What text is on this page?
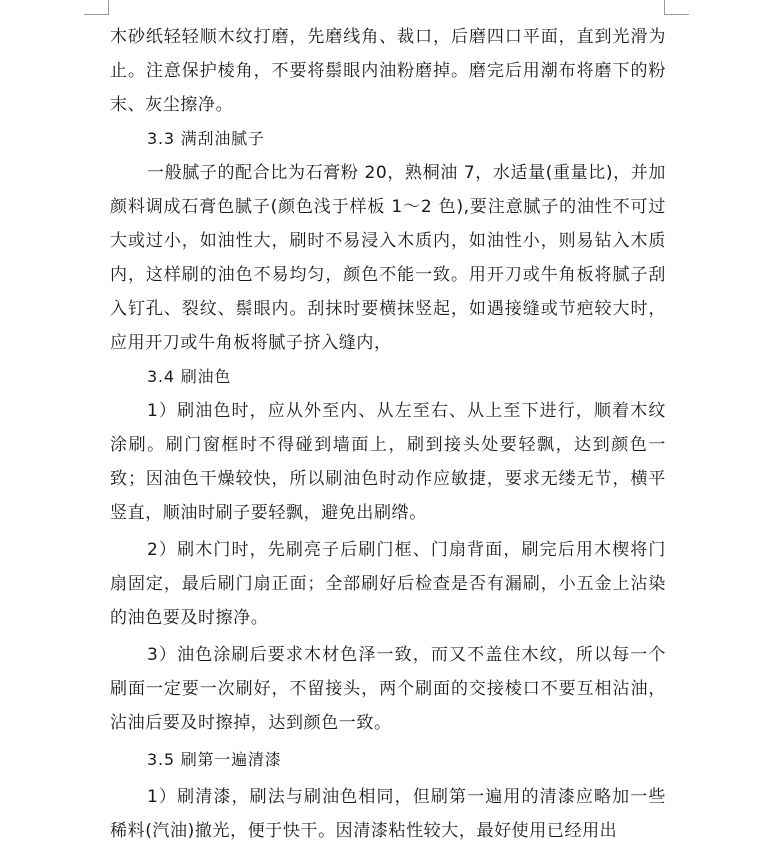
木砂纸轻轻顺木纹打磨，先磨线角、裁口，后磨四口平面，直到光滑为止。注意保护棱角，不要将鬃眼内油粉磨掉。磨完后用潮布将磨下的粉末、灰尘擦净。

3.3 满刮油腻子

一般腻子的配合比为石膏粉 20，熟桐油 7，水适量(重量比)，并加颜料调成石膏色腻子(颜色浅于样板 1～2 色),要注意腻子的油性不可过大或过小，如油性大，刷时不易浸入木质内，如油性小，则易钻入木质内，这样刷的油色不易均匀，颜色不能一致。用开刀或牛角板将腻子刮入钉孔、裂纹、鬃眼内。刮抹时要横抹竖起，如遇接缝或节疤较大时，应用开刀或牛角板将腻子挤入缝内，

3.4 刷油色

1）刷油色时，应从外至内、从左至右、从上至下进行，顺着木纹涂刷。刷门窗框时不得碰到墙面上，刷到接头处要轻飘，达到颜色一致；因油色干燥较快，所以刷油色时动作应敏捷，要求无缕无节，横平竖直，顺油时刷子要轻飘，避免出刷绺。

2）刷木门时，先刷亮子后刷门框、门扇背面，刷完后用木楔将门扇固定，最后刷门扇正面；全部刷好后检查是否有漏刷，小五金上沾染的油色要及时擦净。

3）油色涂刷后要求木材色泽一致，而又不盖住木纹，所以每一个刷面一定要一次刷好，不留接头，两个刷面的交接棱口不要互相沾油，沾油后要及时擦掉，达到颜色一致。

3.5 刷第一遍清漆

1）刷清漆，刷法与刷油色相同，但刷第一遍用的清漆应略加一些稀料(汽油)撤光，便于快干。因清漆粘性较大，最好使用已经用出
